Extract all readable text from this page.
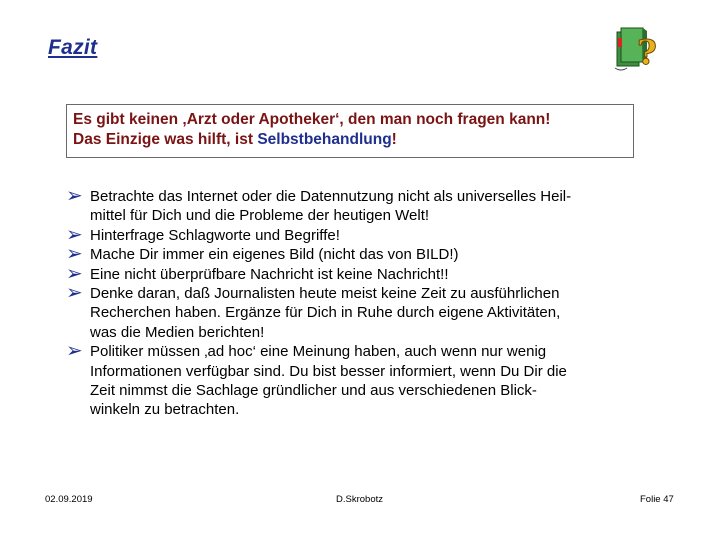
Fazit	?
Es gibt keinen ‚Arzt oder Apotheker‘, den man noch fragen kann!
Das Einzige was hilft, ist Selbstbehandlung!
➢ Betrachte das Internet oder die Datennutzung nicht als universelles Heil-
mittel für Dich und die Probleme der heutigen Welt!
➢ Hinterfrage Schlagworte und Begriffe!
➢ Mache Dir immer ein eigenes Bild (nicht das von BILD!)
➢ Eine nicht überprüfbare Nachricht ist keine Nachricht!!
➢ Denke daran, daß Journalisten heute meist keine Zeit zu ausführlichen
Recherchen haben. Ergänze für Dich in Ruhe durch eigene Aktivitäten,
was die Medien berichten!
➢ Politiker müssen ‚ad hoc‘ eine Meinung haben, auch wenn nur wenig
Informationen verfügbar sind. Du bist besser informiert, wenn Du Dir die
Zeit nimmst die Sachlage gründlicher und aus verschiedenen Blick-
winkeln zu betrachten.
02.09.2019	D.Skrobotz	Folie 47
